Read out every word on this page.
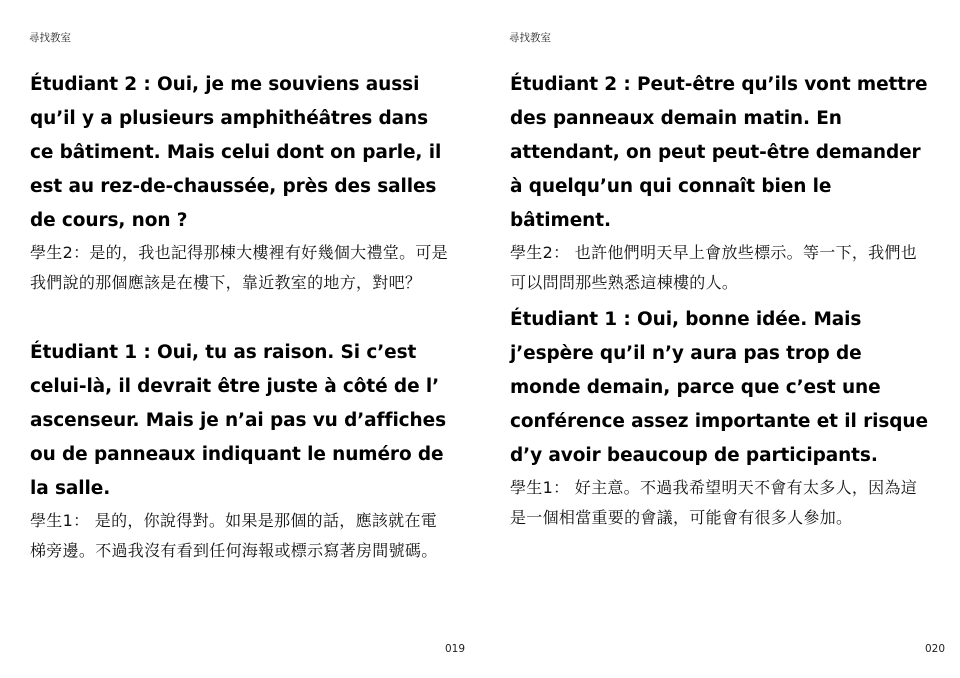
尋找教室

Étudiant 2 : Oui, je me souviens aussi qu’il y a plusieurs amphithéâtres dans ce bâtiment. Mais celui dont on parle, il est au rez-de-chaussée, près des salles de cours, non ?

學生2：是的，我也記得那棟大樓裡有好幾個大禮堂。可是我們說的那個應該是在樓下，靠近教室的地方，對吧？

Étudiant 1 : Oui, tu as raison. Si c’est celui-là, il devrait être juste à côté de l’ ascenseur. Mais je n’ai pas vu d’affiches ou de panneaux indiquant le numéro de la salle.

學生1： 是的，你說得對。如果是那個的話，應該就在電梯旁邊。不過我沒有看到任何海報或標示寫著房間號碼。

019
尋找教室

Étudiant 2 : Peut-être qu’ils vont mettre des panneaux demain matin. En attendant, on peut peut-être demander à quelqu’un qui connaît bien le bâtiment.

學生2： 也許他們明天早上會放些標示。等一下，我們也可以問問那些熟悉這棟樓的人。

Étudiant 1 : Oui, bonne idée. Mais j’espère qu’il n’y aura pas trop de monde demain, parce que c’est une conférence assez importante et il risque d’y avoir beaucoup de participants.

學生1： 好主意。不過我希望明天不會有太多人，因為這是一個相當重要的會議，可能會有很多人參加。

020
